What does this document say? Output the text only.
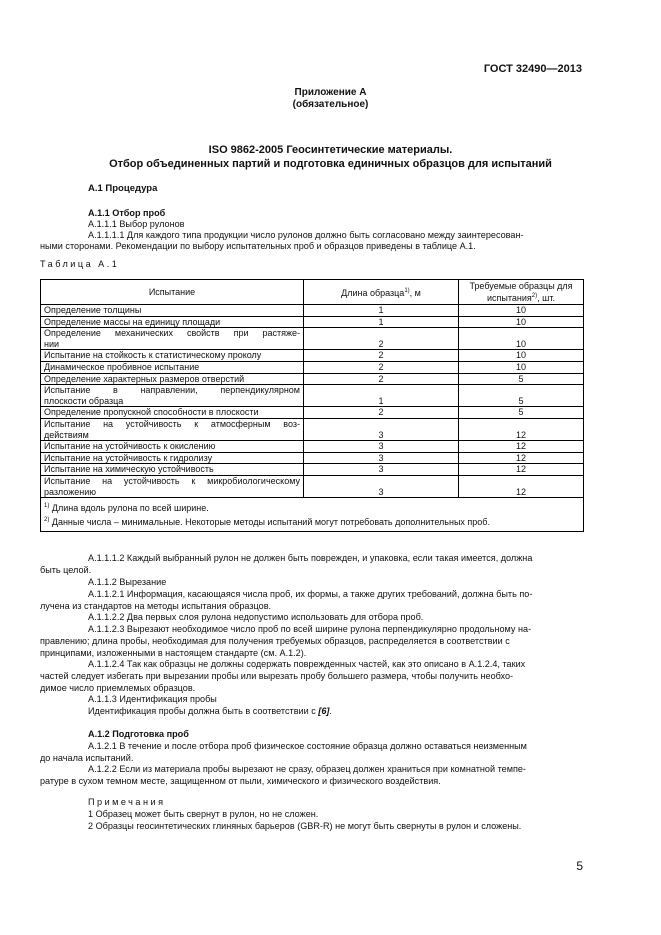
ГОСТ 32490—2013
Приложение А
(обязательное)
ISO 9862-2005 Геосинтетические материалы.
Отбор объединенных партий и подготовка единичных образцов для испытаний
А.1 Процедура
А.1.1 Отбор проб
А.1.1.1 Выбор рулонов
А.1.1.1.1 Для каждого типа продукции число рулонов должно быть согласовано между заинтересован-
ными сторонами. Рекомендации по выбору испытательных проб и образцов приведены в таблице А.1.
Таблица А.1
Испытание	Длина образца$^{1)}$, м	Требуемые образцы для испытания$^{2)}$, шт.
Определение толщины	1	10
Определение массы на единицу площади	1	10

Определение механических свойств при растяже-
нии	2	10
Испытание на стойкость к статистическому проколу	2	10
Динамическое пробивное испытание	2	10
Определение характерных размеров отверстий	2	5

Испытание в направлении, перпендикулярном
плоскости образца	1	5
Определение пропускной способности в плоскости	2	5

Испытание на устойчивость к атмосферным воз-
действиям	3	12
Испытание на устойчивость к окислению	3	12
Испытание на устойчивость к гидролизу	3	12
Испытание на химическую устойчивость	3	12

Испытание на устойчивость к микробиологическому
разложению	3	12

$^{1)}$ Длина вдоль рулона по всей ширине.
$^{2)}$ Данные числа – минимальные. Некоторые методы испытаний могут потребовать дополнительных проб.		
А.1.1.1.2 Каждый выбранный рулон не должен быть поврежден, и упаковка, если такая имеется, должна
быть целой.
А.1.1.2 Вырезание
А.1.1.2.1 Информация, касающаяся числа проб, их формы, а также других требований, должна быть по-
лучена из стандартов на методы испытания образцов.
А.1.1.2.2 Два первых слоя рулона недопустимо использовать для отбора проб.
А.1.1.2.3 Вырезают необходимое число проб по всей ширине рулона перпендикулярно продольному на-
правлению; длина пробы, необходимая для получения требуемых образцов, распределяется в соответствии с
принципами, изложенными в настоящем стандарте (см. А.1.2).
А.1.1.2.4 Так как образцы не должны содержать поврежденных частей, как это описано в А.1.2.4, таких
частей следует избегать при вырезании пробы или вырезать пробу большего размера, чтобы получить необхо-
димое число приемлемых образцов.
А.1.1.3 Идентификация пробы
Идентификация пробы должна быть в соответствии с [6].
А.1.2 Подготовка проб
А.1.2.1 В течение и после отбора проб физическое состояние образца должно оставаться неизменным
до начала испытаний.
А.1.2.2 Если из материала пробы вырезают не сразу, образец должен храниться при комнатной темпе-
ратуре в сухом темном месте, защищенном от пыли, химического и физического воздействия.
Примечания
1 Образец может быть свернут в рулон, но не сложен.
2 Образцы геосинтетических глиняных барьеров (GBR-R) не могут быть свернуты в рулон и сложены.
5
